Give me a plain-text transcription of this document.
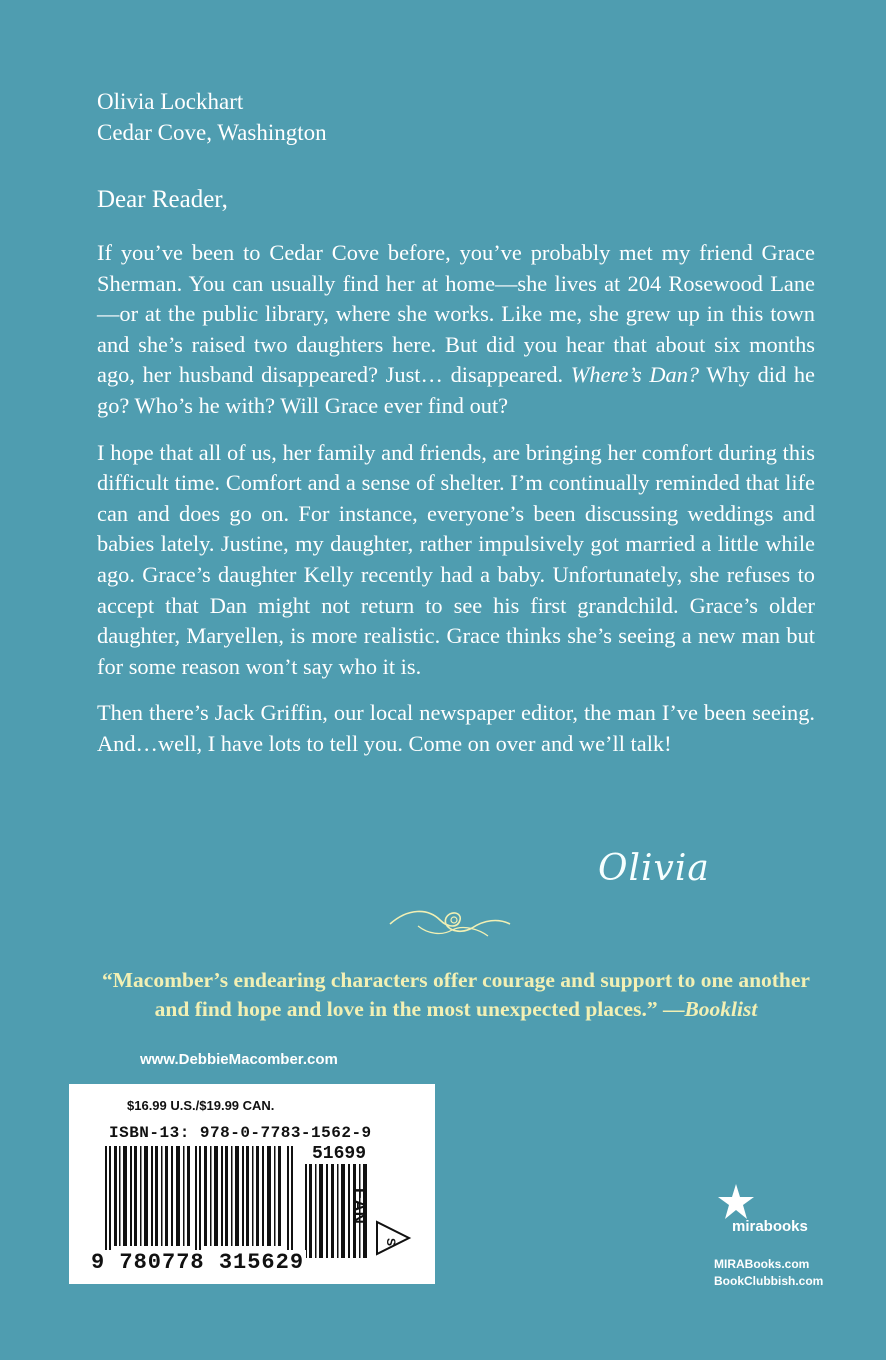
Olivia Lockhart

Cedar Cove, Washington

Dear Reader,

If you’ve been to Cedar Cove before, you’ve probably met my friend Grace Sherman. You can usually find her at home—she lives at 204 Rosewood Lane—or at the public library, where she works. Like me, she grew up in this town and she’s raised two daughters here. But did you hear that about six months ago, her husband disappeared? Just… disappeared. Where’s Dan? Why did he go? Who’s he with? Will Grace ever find out?

I hope that all of us, her family and friends, are bringing her comfort during this difficult time. Comfort and a sense of shelter. I’m continually reminded that life can and does go on. For instance, everyone’s been discussing weddings and babies lately. Justine, my daughter, rather impulsively got married a little while ago. Grace’s daughter Kelly recently had a baby. Unfortunately, she refuses to accept that Dan might not return to see his first grandchild. Grace’s older daughter, Maryellen, is more realistic. Grace thinks she’s seeing a new man but for some reason won’t say who it is.

Then there’s Jack Griffin, our local newspaper editor, the man I’ve been seeing. And…well, I have lots to tell you. Come on over and we’ll talk!

Olivia
“Macomber’s endearing characters offer courage and support to one another and find hope and love in the most unexpected places.” —Booklist
www.DebbieMacomber.com
$16.99 U.S./$19.99 CAN.
ISBN-13: 978-0-7783-1562-9
51699
EAN
S
9 780778 315629
mirabooks
MIRABooks.com
BookClubbish.com
